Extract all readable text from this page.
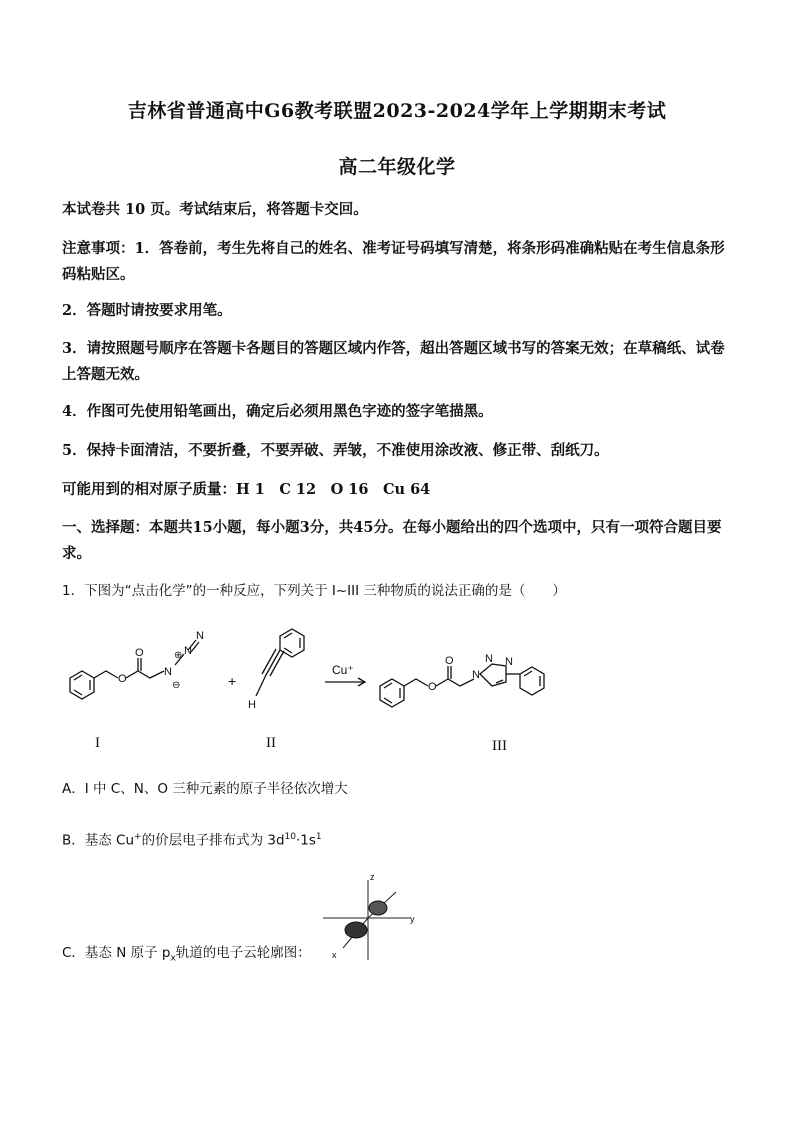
吉林省普通高中G6教考联盟2023-2024学年上学期期末考试
高二年级化学
本试卷共 10 页。考试结束后，将答题卡交回。
注意事项：1．答卷前，考生先将自己的姓名、准考证号码填写清楚，将条形码准确粘贴在考生信息条形码粘贴区。
2．答题时请按要求用笔。
3．请按照题号顺序在答题卡各题目的答题区域内作答，超出答题区域书写的答案无效；在草稿纸、试卷上答题无效。
4．作图可先使用铅笔画出，确定后必须用黑色字迹的签字笔描黑。
5．保持卡面清洁，不要折叠，不要弄破、弄皱，不准使用涂改液、修正带、刮纸刀。
可能用到的相对原子质量：H 1　C 12　O 16　Cu 64
一、选择题：本题共15小题，每小题3分，共45分。在每小题给出的四个选项中，只有一项符合题目要求。
1．下图为“点击化学”的一种反应，下列关于 I~III 三种物质的说法正确的是（　　）
O
O
N
⊕
⊖
N
N
+
Cu⁺
H
O
O
N
N N
I	II	III
A．I 中 C、N、O 三种元素的原子半径依次增大
B．基态 Cu+的价层电子排布式为 $3d^{10}\cdot 1s^1$
z
y
x
C．基态 N 原子 $p_x$轨道的电子云轮廓图：
